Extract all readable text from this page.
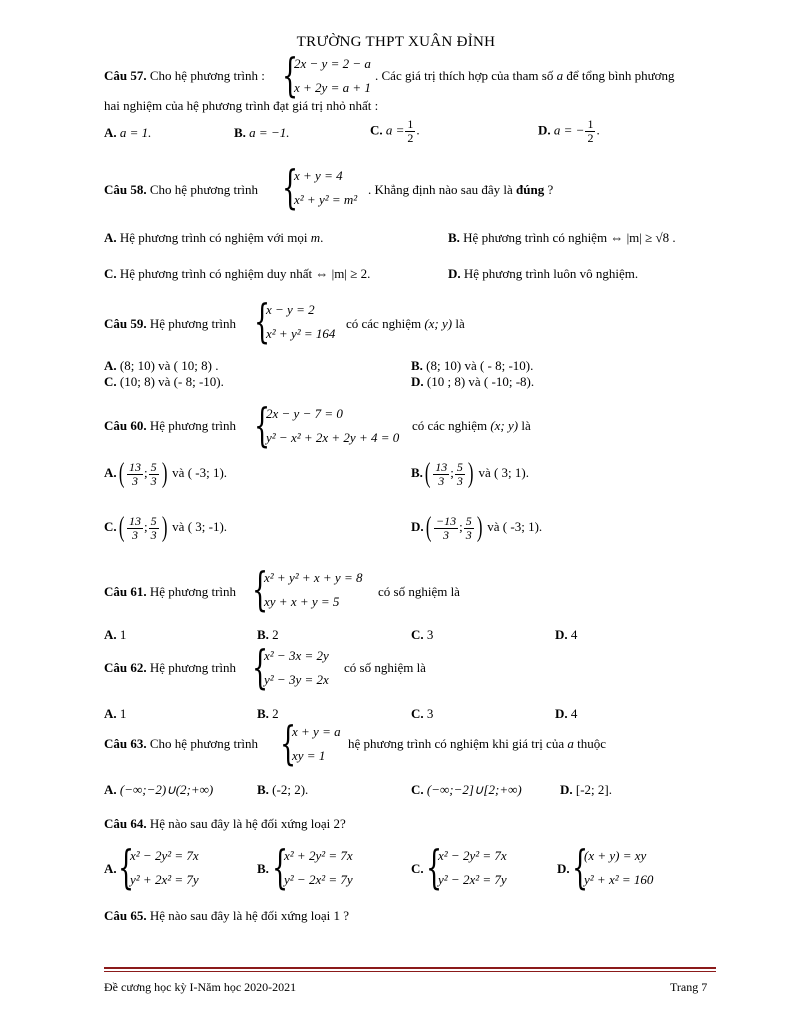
TRƯỜNG THPT XUÂN ĐỈNH
Câu 57. Cho hệ phương trình : {
2x − y = 2 − a
x + 2y = a + 1
. Các giá trị thích hợp của tham số a để tổng bình phương
hai nghiệm của hệ phương trình đạt giá trị nhỏ nhất :
A. a = 1.	B. a = −1.	C. $a = \frac{1}{2}$ .	D. a = − $\frac{1}{2}$ .
Câu 58. Cho hệ phương trình {
x + y = 4
x² + y² = m²
. Khẳng định nào sau đây là đúng ?
A. Hệ phương trình có nghiệm với mọi m.	B. Hệ phương trình có nghiệm ⇔ |m| ≥ √8 .
C. Hệ phương trình có nghiệm duy nhất ⇔ |m| ≥ 2.	D. Hệ phương trình luôn vô nghiệm.
Câu 59. Hệ phương trình {
x − y = 2
x² + y² = 164
có các nghiệm (x; y) là
A. (8; 10) và ( 10; 8) .	B. (8; 10) và ( - 8; -10).
C. (10; 8) và (- 8; -10).	D. (10 ; 8) và ( -10; -8).
Câu 60. Hệ phương trình {
2x − y − 7 = 0
y² − x² + 2x + 2y + 4 = 0
có các nghiệm (x; y) là
$A.( \frac{13}{3}$ ; $\frac{5}{3}$ ) và ( -3; 1).	$B.( \frac{13}{3}$ ; $\frac{5}{3}$ ) và ( 3; 1).
$C.( \frac{13}{3}$ ; $\frac{5}{3}$ ) và ( 3; -1).	$D.( \frac{-13}{3}$ ; $\frac{5}{3}$ ) và ( -3; 1).
Câu 61. Hệ phương trình {
x² + y² + x + y = 8
xy + x + y = 5
có số nghiệm là
A. 1	B. 2	C. 3	D. 4
Câu 62. Hệ phương trình {
x² − 3x = 2y
y² − 3y = 2x
có số nghiệm là
A. 1	B. 2	C. 3	D. 4
Câu 63. Cho hệ phương trình {
x + y = a
xy = 1
hệ phương trình có nghiệm khi giá trị của a thuộc
A. (−∞;−2)∪(2;+∞)	B. (-2; 2).	C. (−∞;−2]∪[2;+∞)	D. [-2; 2].
Câu 64. Hệ nào sau đây là hệ đối xứng loại 2?
A. {
x² − 2y² = 7x
y² + 2x² = 7y
B. {
x² + 2y² = 7x
y² − 2x² = 7y
C. {
x² − 2y² = 7x
y² − 2x² = 7y
D. {
(x + y) = xy
y² + x² = 160
Câu 65. Hệ nào sau đây là hệ đối xứng loại 1 ?
Đề cương học kỳ I-Năm học 2020-2021	Trang 7
